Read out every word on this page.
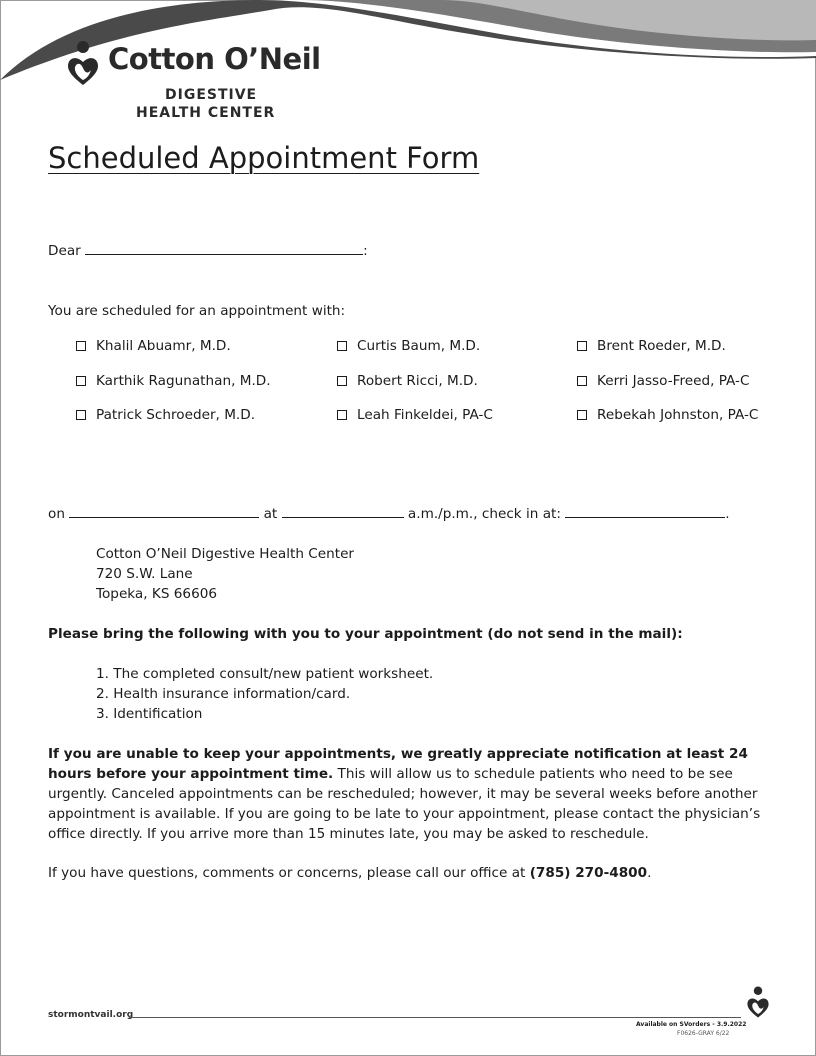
Cotton O’Neil
DIGESTIVE
HEALTH CENTER
Scheduled Appointment Form
Dear	:
You are scheduled for an appointment with:
Khalil Abuamr, M.D.	Curtis Baum, M.D.	Brent Roeder, M.D.
Karthik Ragunathan, M.D.	Robert Ricci, M.D.	Kerri Jasso-Freed, PA-C
Patrick Schroeder, M.D.	Leah Finkeldei, PA-C	Rebekah Johnston, PA-C
on	at	a.m./p.m., check in at:	.
Cotton O’Neil Digestive Health Center
720 S.W. Lane
Topeka, KS 66606
Please bring the following with you to your appointment (do not send in the mail):
1. The completed consult/new patient worksheet.
2. Health insurance information/card.
3. Identification
If you are unable to keep your appointments, we greatly appreciate notification at least 24 hours before your appointment time. This will allow us to schedule patients who need to be see urgently. Canceled appointments can be rescheduled; however, it may be several weeks before another appointment is available. If you are going to be late to your appointment, please contact the physician’s office directly. If you arrive more than 15 minutes late, you may be asked to reschedule.
If you have questions, comments or concerns, please call our office at (785) 270-4800.
stormontvail.org
Available on SVorders - 3.9.2022
F0626-GRAY 6/22
